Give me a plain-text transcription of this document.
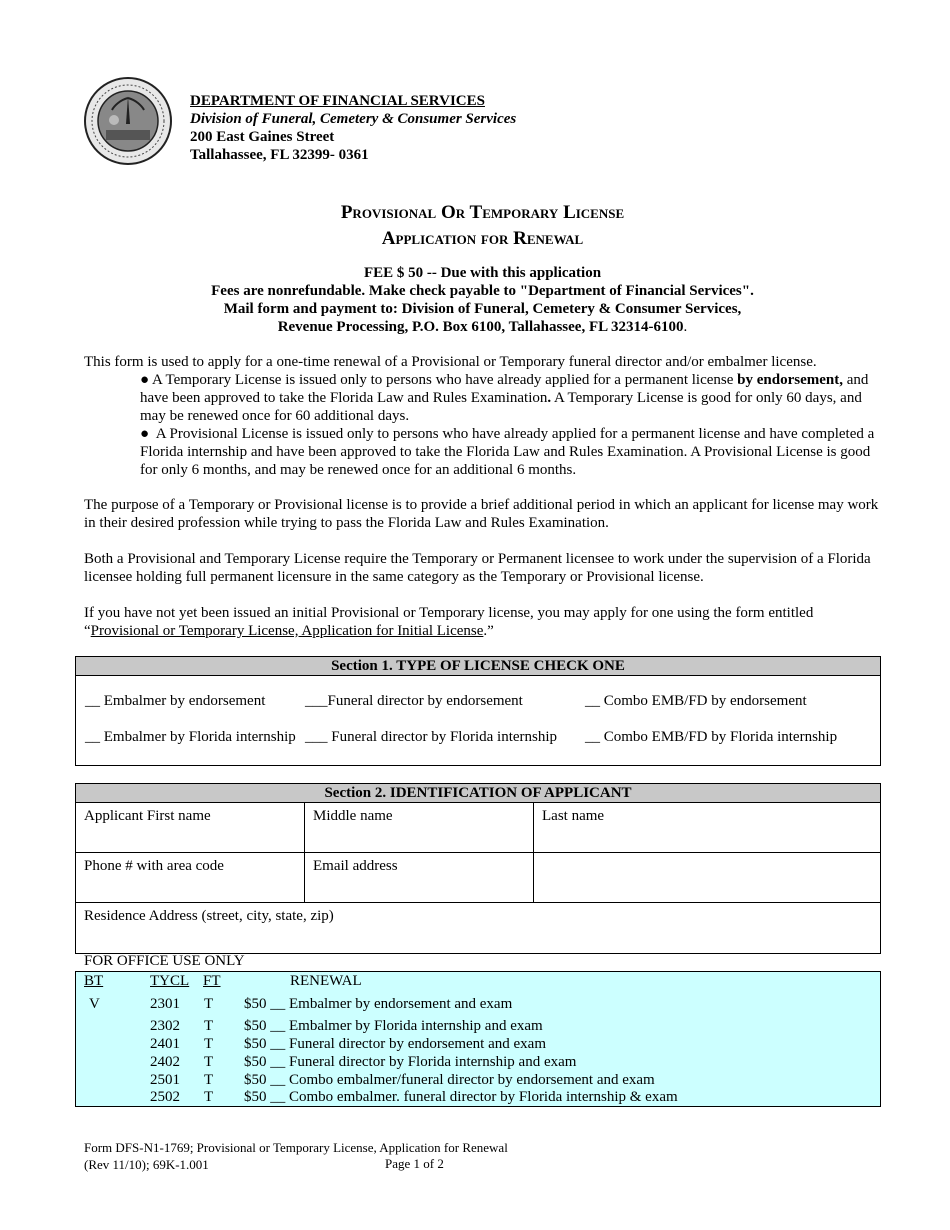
DEPARTMENT OF FINANCIAL SERVICES
Division of Funeral, Cemetery & Consumer Services
200 East Gaines Street
Tallahassee, FL 32399- 0361
Provisional Or Temporary License
Application for Renewal
FEE $ 50 -- Due with this application
Fees are nonrefundable. Make check payable to "Department of Financial Services".
Mail form and payment to: Division of Funeral, Cemetery & Consumer Services,
Revenue Processing, P.O. Box 6100, Tallahassee, FL 32314-6100.
This form is used to apply for a one-time renewal of a Provisional or Temporary funeral director and/or embalmer license.
● A Temporary License is issued only to persons who have already applied for a permanent license by endorsement, and have been approved to take the Florida Law and Rules Examination. A Temporary License is good for only 60 days, and may be renewed once for 60 additional days.
● A Provisional License is issued only to persons who have already applied for a permanent license and have completed a Florida internship and have been approved to take the Florida Law and Rules Examination. A Provisional License is good for only 6 months, and may be renewed once for an additional 6 months.
The purpose of a Temporary or Provisional license is to provide a brief additional period in which an applicant for license may work in their desired profession while trying to pass the Florida Law and Rules Examination.
Both a Provisional and Temporary License require the Temporary or Permanent licensee to work under the supervision of a Florida licensee holding full permanent licensure in the same category as the Temporary or Provisional license.
If you have not yet been issued an initial Provisional or Temporary license, you may apply for one using the form entitled “Provisional or Temporary License, Application for Initial License.”
Section 1. TYPE OF LICENSE CHECK ONE
__ Embalmer by endorsement	___Funeral director by endorsement	__ Combo EMB/FD by endorsement
__ Embalmer by Florida internship ___ Funeral director by Florida internship __ Combo EMB/FD by Florida internship
Section 2. IDENTIFICATION OF APPLICANT
Applicant First name	Middle name	Last name
Phone # with area code	Email address
Residence Address (street, city, state, zip)
FOR OFFICE USE ONLY
BT	TYCL FT	RENEWAL
V	2301 T $50 __ Embalmer by endorsement and exam
2302 T $50 __ Embalmer by Florida internship and exam
2401 T $50 __ Funeral director by endorsement and exam
2402 T $50 __ Funeral director by Florida internship and exam
2501 T $50 __ Combo embalmer/funeral director by endorsement and exam
2502 T $50 __ Combo embalmer. funeral director by Florida internship & exam
Form DFS-N1-1769; Provisional or Temporary License, Application for Renewal
(Rev 11/10); 69K-1.001	Page 1 of 2
